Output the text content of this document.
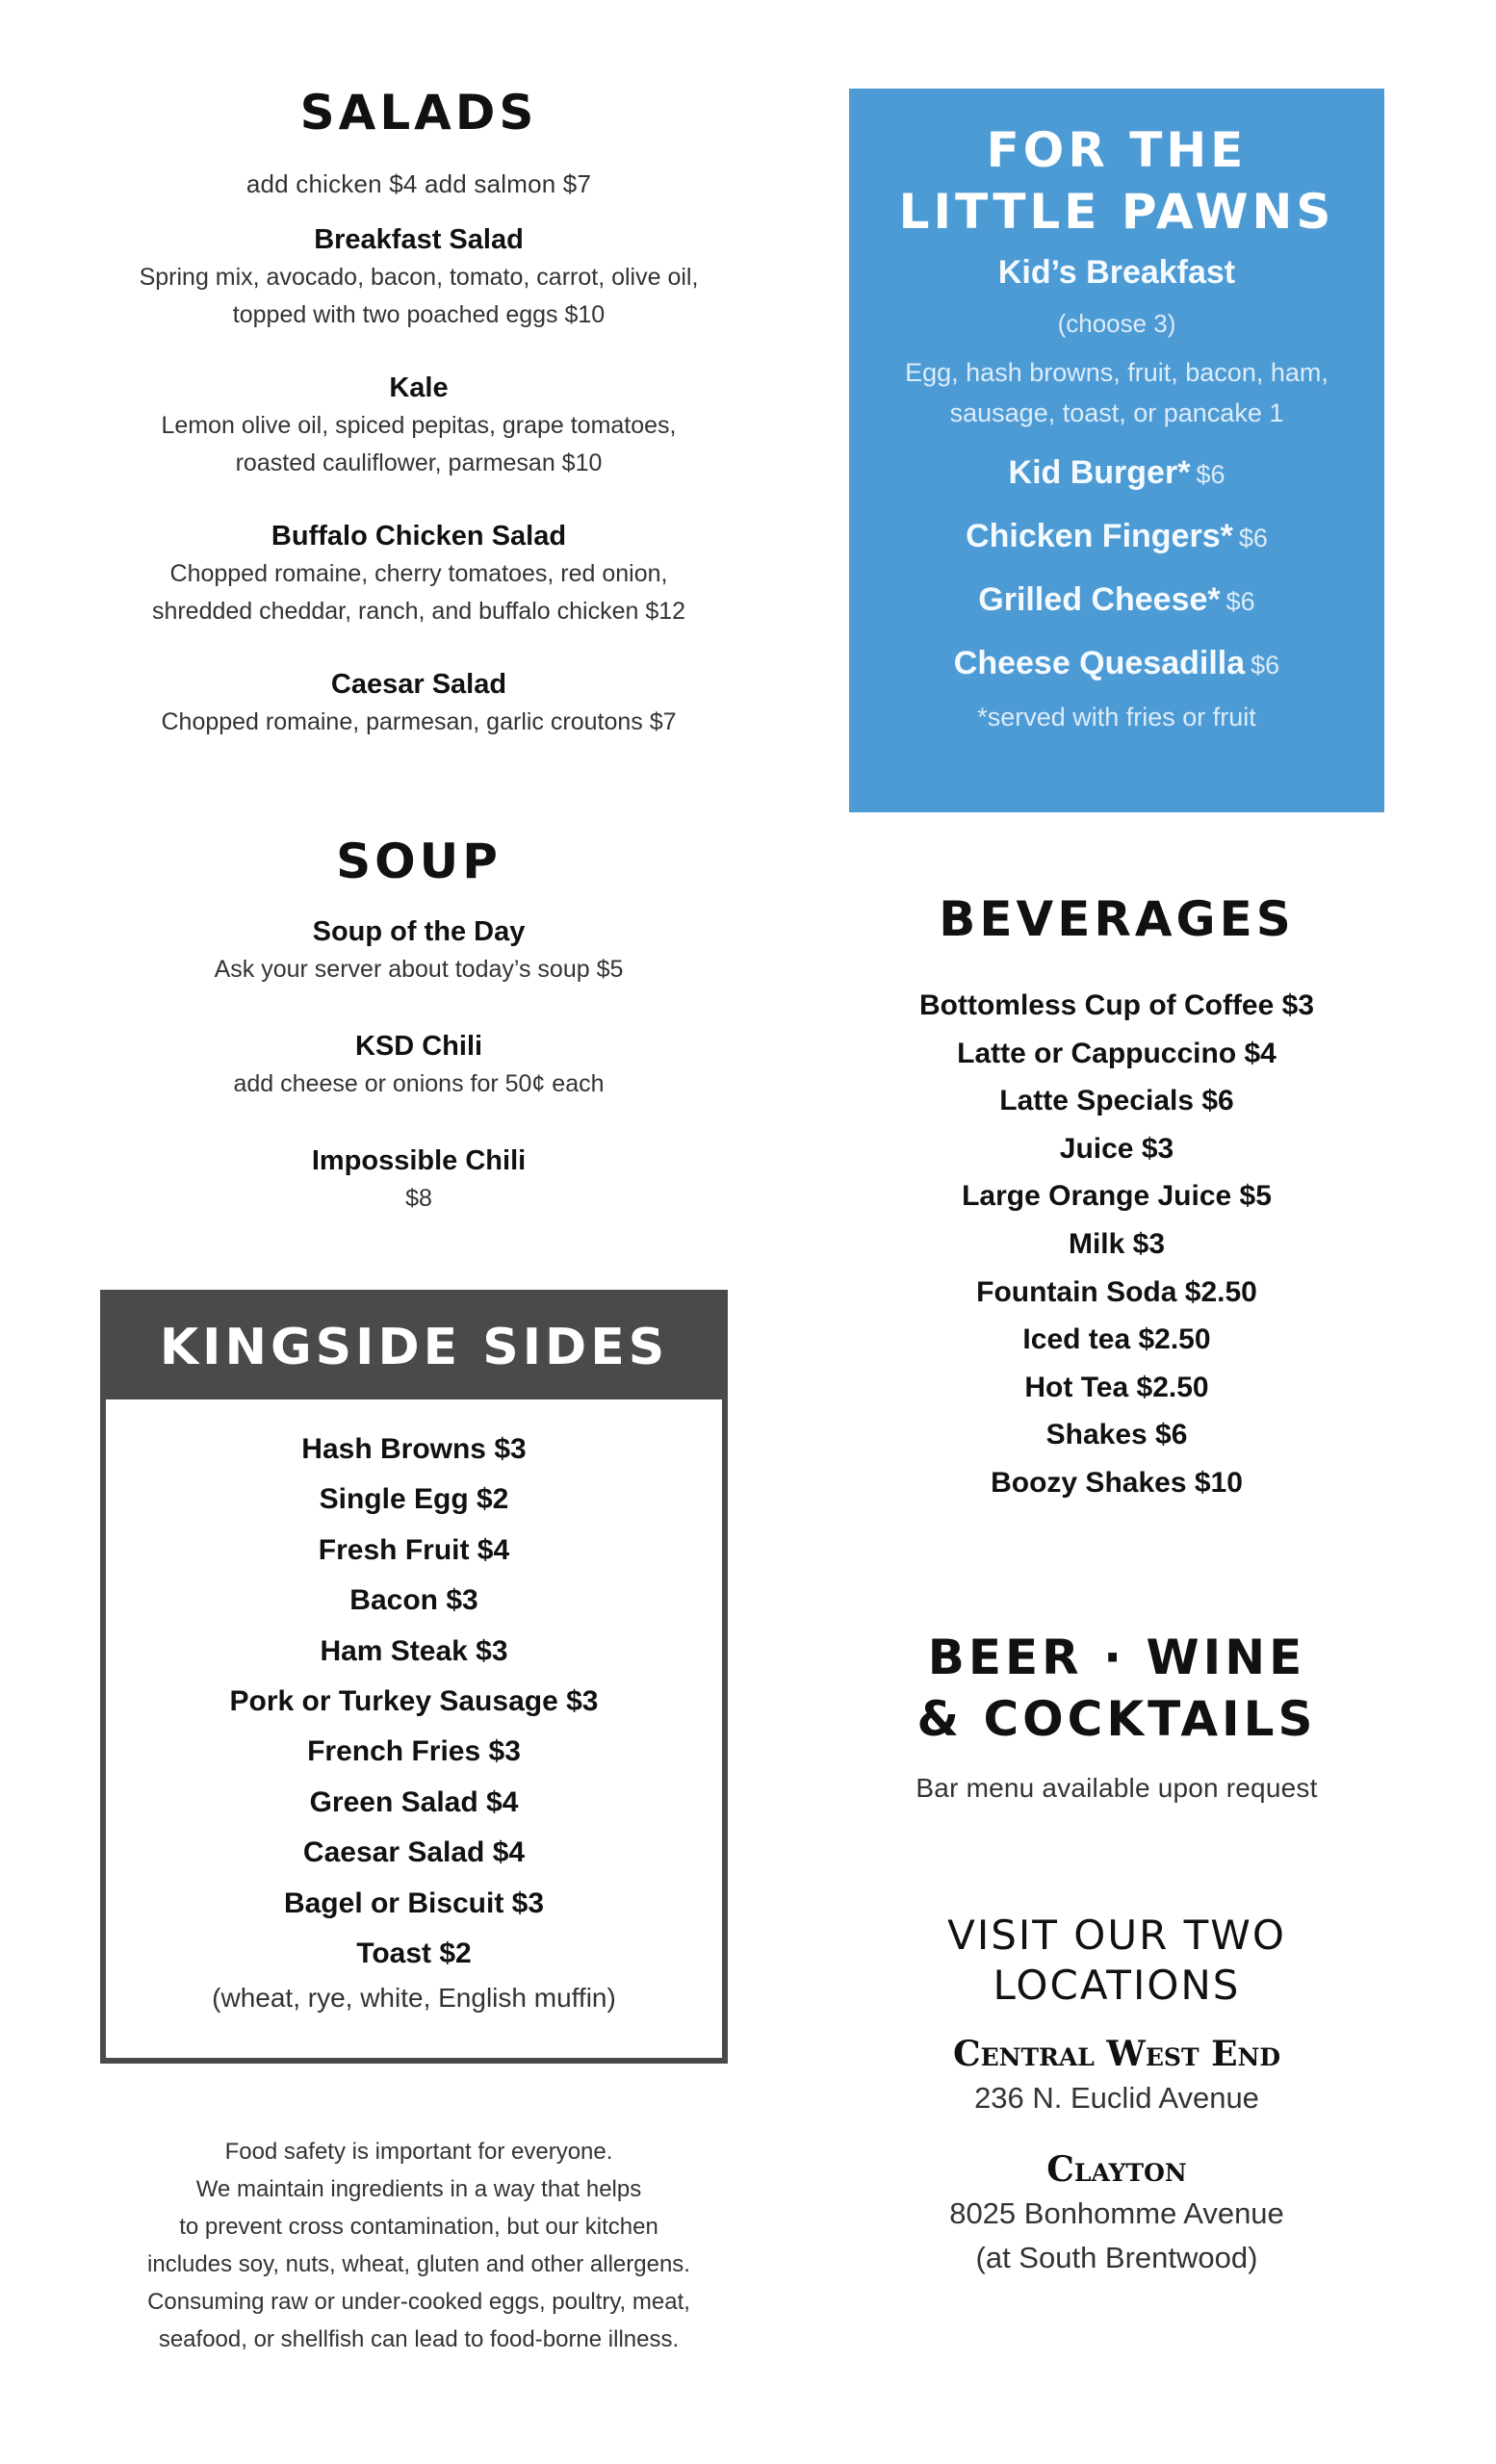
SALADS
add chicken $4 add salmon $7
Breakfast Salad
Spring mix, avocado, bacon, tomato, carrot, olive oil,
topped with two poached eggs $10
Kale
Lemon olive oil, spiced pepitas, grape tomatoes,
roasted cauliflower, parmesan $10
Buffalo Chicken Salad
Chopped romaine, cherry tomatoes, red onion,
shredded cheddar, ranch, and buffalo chicken $12
Caesar Salad
Chopped romaine, parmesan, garlic croutons $7
SOUP
Soup of the Day
Ask your server about today’s soup $5
KSD Chili
add cheese or onions for 50¢ each
Impossible Chili
$8
FOR THE
LITTLE PAWNS
Kid’s Breakfast
(choose 3)
Egg, hash browns, fruit, bacon, ham,
sausage, toast, or pancake 1
Kid Burger* $6
Chicken Fingers* $6
Grilled Cheese* $6
Cheese Quesadilla $6
*served with fries or fruit
BEVERAGES
Bottomless Cup of Coffee $3
Latte or Cappuccino $4
Latte Specials $6
Juice $3
Large Orange Juice $5
Milk $3
Fountain Soda $2.50
Iced tea $2.50
Hot Tea $2.50
Shakes $6
Boozy Shakes $10
KINGSIDE SIDES
Hash Browns $3
Single Egg $2
Fresh Fruit $4
Bacon $3
Ham Steak $3
Pork or Turkey Sausage $3
French Fries $3
Green Salad $4
Caesar Salad $4
Bagel or Biscuit $3
Toast $2
(wheat, rye, white, English muffin)
BEER · WINE
& COCKTAILS
Bar menu available upon request
VISIT OUR TWO
LOCATIONS
Central West End
236 N. Euclid Avenue
Clayton
8025 Bonhomme Avenue
(at South Brentwood)

Food safety is important for everyone.

We maintain ingredients in a way that helps

to prevent cross contamination, but our kitchen

includes soy, nuts, wheat, gluten and other allergens.

Consuming raw or under-cooked eggs, poultry, meat,

seafood, or shellfish can lead to food-borne illness.
